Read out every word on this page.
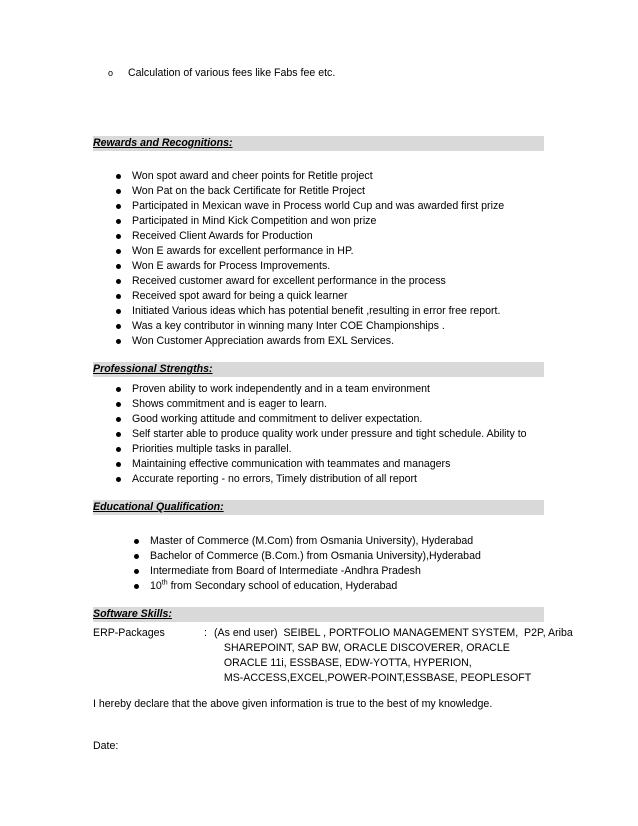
o Calculation of various fees like Fabs fee etc.
Rewards and Recognitions:
Won spot award and cheer points for Retitle project
Won Pat on the back Certificate for Retitle Project
Participated in Mexican wave in Process world Cup and was awarded first prize
Participated in Mind Kick Competition and won prize
Received Client Awards for Production
Won E awards for excellent performance in HP.
Won E awards for Process Improvements.
Received customer award for excellent performance in the process
Received spot award for being a quick learner
Initiated Various ideas which has potential benefit ,resulting in error free report.
Was a key contributor in winning many Inter COE Championships .
Won Customer Appreciation awards from EXL Services.
Professional Strengths:
Proven ability to work independently and in a team environment
Shows commitment and is eager to learn.
Good working attitude and commitment to deliver expectation.
Self starter able to produce quality work under pressure and tight schedule. Ability to
Priorities multiple tasks in parallel.
Maintaining effective communication with teammates and managers
Accurate reporting - no errors, Timely distribution of all report
Educational Qualification:
Master of Commerce (M.Com) from Osmania University), Hyderabad
Bachelor of Commerce (B.Com.) from Osmania University),Hyderabad
Intermediate from Board of Intermediate -Andhra Pradesh
10th from Secondary school of education, Hyderabad
Software Skills:
ERP-Packages	: (As end user)  SEIBEL , PORTFOLIO MANAGEMENT SYSTEM,  P2P, Ariba
SHAREPOINT, SAP BW, ORACLE DISCOVERER, ORACLE
ORACLE 11i, ESSBASE, EDW-YOTTA, HYPERION,
MS-ACCESS,EXCEL,POWER-POINT,ESSBASE, PEOPLESOFT
I hereby declare that the above given information is true to the best of my knowledge.
Date:
